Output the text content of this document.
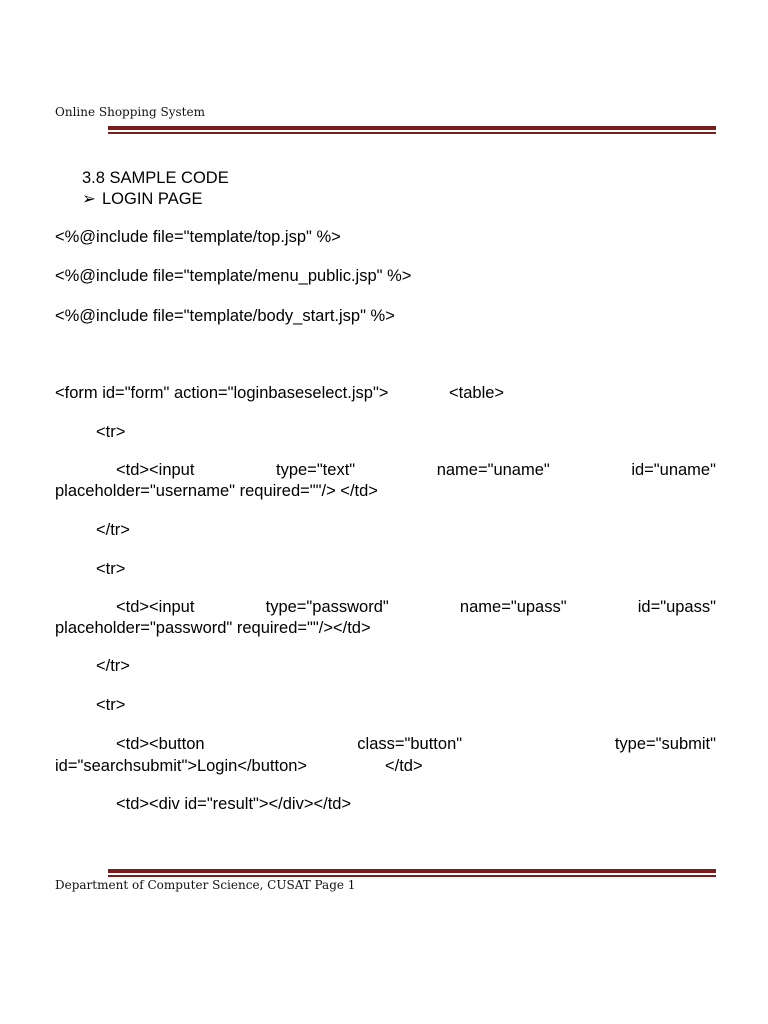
Online Shopping System
3.8 SAMPLE CODE
➢ LOGIN PAGE
<%@include file="template/top.jsp" %>
<%@include file="template/menu_public.jsp" %>
<%@include file="template/body_start.jsp" %>
<form id="form" action="loginbaseselect.jsp">	<table>
<tr>
<td><input	type="text"	name="uname"	id="uname"
placeholder="username" required=""/> </td>
</tr>
<tr>
<td><input	type="password"	name="upass"	id="upass"
placeholder="password" required=""/></td>
</tr>
<tr>
<td><button	class="button"	type="submit"
id="searchsubmit">Login</button>	</td>
<td><div id="result"></div></td>
Department of Computer Science, CUSAT Page 1
